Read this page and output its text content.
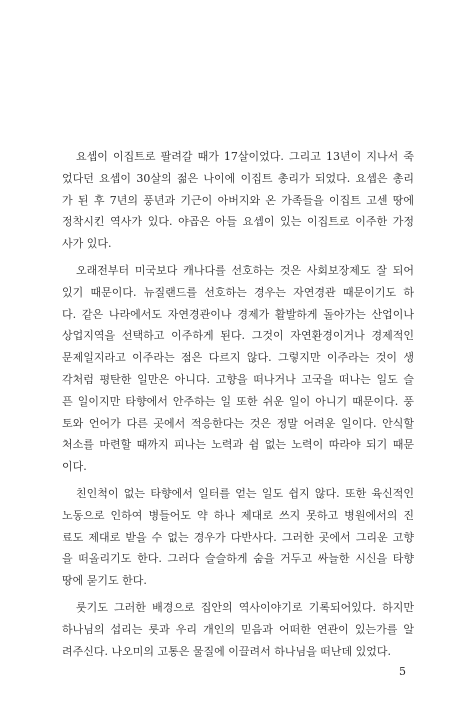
요셉이 이집트로 팔려갈 때가 17살이었다. 그리고 13년이 지나서 죽
었다던 요셉이 30살의 젊은 나이에 이집트 총리가 되었다. 요셉은 총리
가 된 후 7년의 풍년과 기근이 아버지와 온 가족들을 이집트 고센 땅에
정착시킨 역사가 있다. 야곱은 아들 요셉이 있는 이집트로 이주한 가정
사가 있다.

오래전부터 미국보다 캐나다를 선호하는 것은 사회보장제도 잘 되어
있기 때문이다. 뉴질랜드를 선호하는 경우는 자연경관 때문이기도 하
다. 같은 나라에서도 자연경관이나 경제가 활발하게 돌아가는 산업이나
상업지역을 선택하고 이주하게 된다. 그것이 자연환경이거나 경제적인
문제일지라고 이주라는 점은 다르지 않다. 그렇지만 이주라는 것이 생
각처럼 평탄한 일만은 아니다. 고향을 떠나거나 고국을 떠나는 일도 슬
픈 일이지만 타향에서 안주하는 일 또한 쉬운 일이 아니기 때문이다. 풍
토와 언어가 다른 곳에서 적응한다는 것은 정말 어려운 일이다. 안식할
처소를 마련할 때까지 피나는 노력과 쉼 없는 노력이 따라야 되기 때문
이다.

친인척이 없는 타향에서 일터를 얻는 일도 쉽지 않다. 또한 육신적인
노동으로 인하여 병들어도 약 하나 제대로 쓰지 못하고 병원에서의 진
료도 제대로 받을 수 없는 경우가 다반사다. 그러한 곳에서 그리운 고향
을 떠올리기도 한다. 그러다 슬슬하게 숨을 거두고 싸늘한 시신을 타향
땅에 묻기도 한다.

룻기도 그러한 배경으로 집안의 역사이야기로 기록되어있다. 하지만
하나님의 섭리는 룻과 우리 개인의 믿음과 어떠한 연관이 있는가를 알
려주신다. 나오미의 고통은 물질에 이끌려서 하나님을 떠난데 있었다.

5
